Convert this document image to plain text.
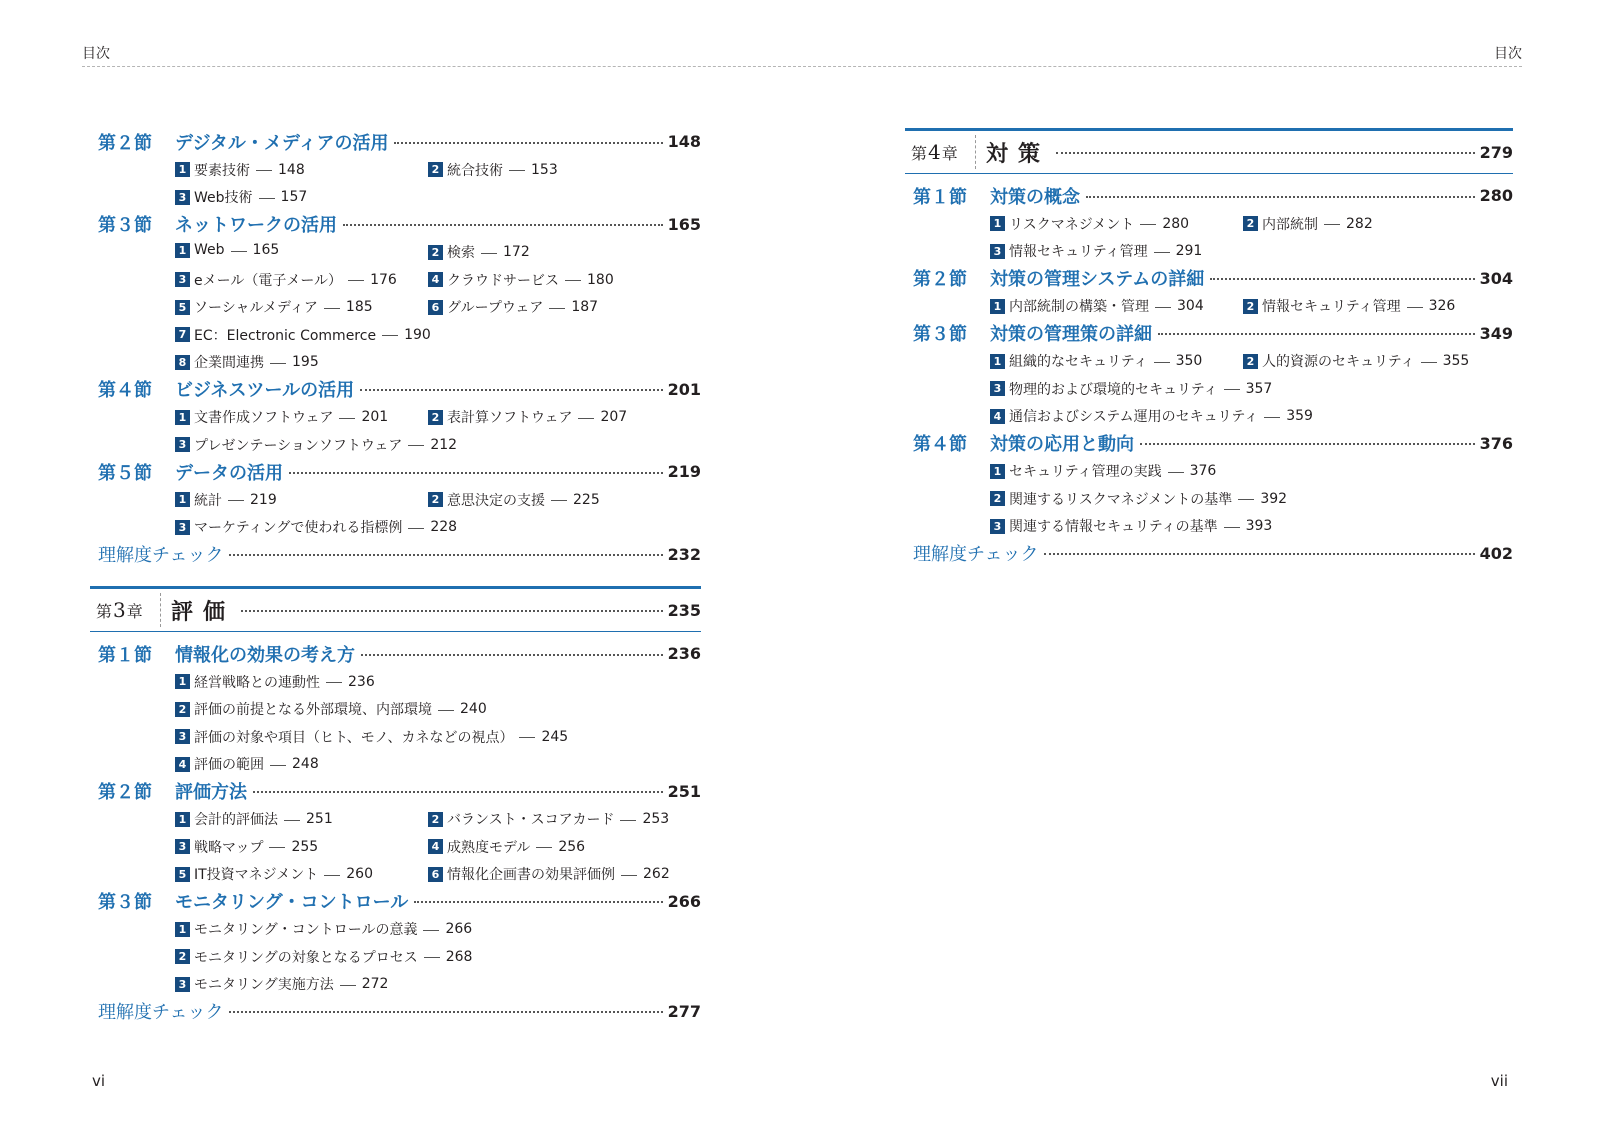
目次	目次
第２節	デジタル・メディアの活用	148
1 要素技術 148	2 統合技術 153
3 Web技術 157
第３節	ネットワークの活用	165
1 Web 165	2 検索 172
3 eメール（電子メール） 176	4 クラウドサービス 180
5 ソーシャルメディア 185	6 グループウェア 187
7 EC：Electronic Commerce 190
8 企業間連携 195
第４節	ビジネスツールの活用	201
1 文書作成ソフトウェア 201	2 表計算ソフトウェア 207
3 プレゼンテーションソフトウェア 212
第５節	データの活用	219
1 統計 219	2 意思決定の支援 225
3 マーケティングで使われる指標例 228
理解度チェック	232
第 3 章 評価	235
第１節	情報化の効果の考え方	236
1 経営戦略との連動性 236
2 評価の前提となる外部環境、内部環境 240
3 評価の対象や項目（ヒト、モノ、カネなどの視点） 245
4 評価の範囲 248
第２節	評価方法	251
1 会計的評価法 251	2 バランスト・スコアカード 253
3 戦略マップ 255	4 成熟度モデル 256
5 IT投資マネジメント 260	6 情報化企画書の効果評価例 262
第３節	モニタリング・コントロール	266
1 モニタリング・コントロールの意義 266
2 モニタリングの対象となるプロセス 268
3 モニタリング実施方法 272
理解度チェック	277
第 4 章 対策	279
第１節	対策の概念	280
1 リスクマネジメント 280	2 内部統制 282
3 情報セキュリティ管理 291
第２節	対策の管理システムの詳細	304
1 内部統制の構築・管理 304	2 情報セキュリティ管理 326
第３節	対策の管理策の詳細	349
1 組織的なセキュリティ 350	2 人的資源のセキュリティ 355
3 物理的および環境的セキュリティ 357
4 通信およびシステム運用のセキュリティ 359
第４節	対策の応用と動向	376
1 セキュリティ管理の実践 376
2 関連するリスクマネジメントの基準 392
3 関連する情報セキュリティの基準 393
理解度チェック	402
vi	vii
